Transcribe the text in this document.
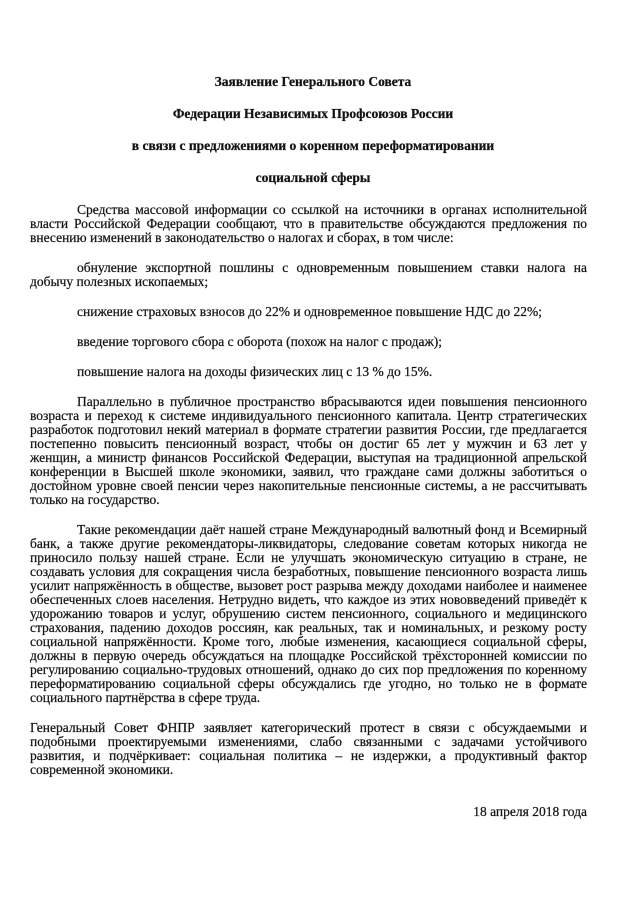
Заявление Генерального Совета

Федерации Независимых Профсоюзов России

в связи с предложениями о коренном переформатировании

социальной сферы

Средства массовой информации со ссылкой на источники в органах исполнительной власти Российской Федерации сообщают, что в правительстве обсуждаются предложения по внесению изменений в законодательство о налогах и сборах, в том числе:

обнуление экспортной пошлины с одновременным повышением ставки налога на добычу полезных ископаемых;

снижение страховых взносов до 22% и одновременное повышение НДС до 22%;

введение торгового сбора с оборота (похож на налог с продаж);

повышение налога на доходы физических лиц с 13 % до 15%.

Параллельно в публичное пространство вбрасываются идеи повышения пенсионного возраста и переход к системе индивидуального пенсионного капитала. Центр стратегических разработок подготовил некий материал в формате стратегии развития России, где предлагается постепенно повысить пенсионный возраст, чтобы он достиг 65 лет у мужчин и 63 лет у женщин, а министр финансов Российской Федерации, выступая на традиционной апрельской конференции в Высшей школе экономики, заявил, что граждане сами должны заботиться о достойном уровне своей пенсии через накопительные пенсионные системы, а не рассчитывать только на государство.

Такие рекомендации даёт нашей стране Международный валютный фонд и Всемирный банк, а также другие рекомендаторы-ликвидаторы, следование советам которых никогда не приносило пользу нашей стране. Если не улучшать экономическую ситуацию в стране, не создавать условия для сокращения числа безработных, повышение пенсионного возраста лишь усилит напряжённость в обществе, вызовет рост разрыва между доходами наиболее и наименее обеспеченных слоев населения. Нетрудно видеть, что каждое из этих нововведений приведёт к удорожанию товаров и услуг, обрушению систем пенсионного, социального и медицинского страхования, падению доходов россиян, как реальных, так и номинальных, и резкому росту социальной напряжённости. Кроме того, любые изменения, касающиеся социальной сферы, должны в первую очередь обсуждаться на площадке Российской трёхсторонней комиссии по регулированию социально-трудовых отношений, однако до сих пор предложения по коренному переформатированию социальной сферы обсуждались где угодно, но только не в формате социального партнёрства в сфере труда.

Генеральный Совет ФНПР заявляет категорический протест в связи с обсуждаемыми и подобными проектируемыми изменениями, слабо связанными с задачами устойчивого развития, и подчёркивает: социальная политика – не издержки, а продуктивный фактор современной экономики.

18 апреля 2018 года
